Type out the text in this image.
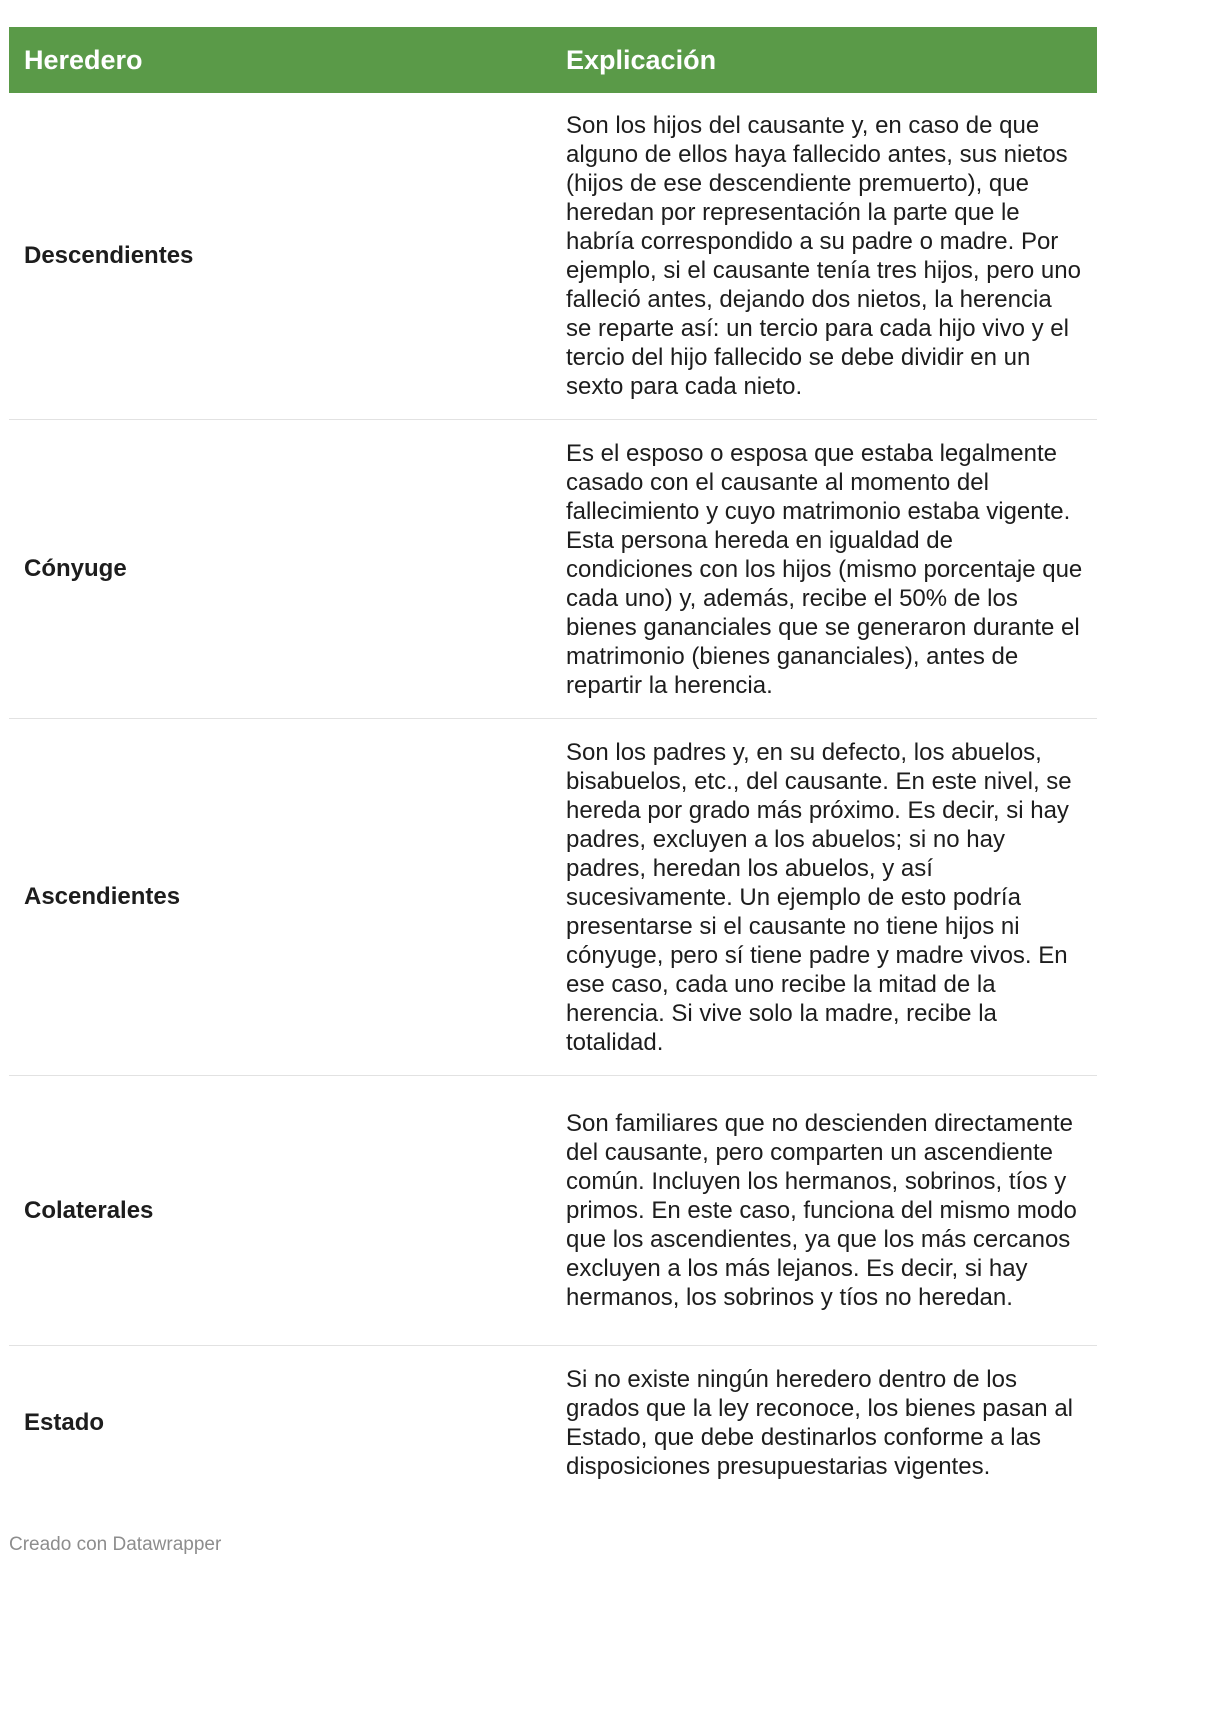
Heredero	Explicación
Descendientes
Son los hijos del causante y, en caso de que alguno de ellos haya fallecido antes, sus nietos (hijos de ese descendiente premuerto), que heredan por representación la parte que le habría correspondido a su padre o madre. Por ejemplo, si el causante tenía tres hijos, pero uno falleció antes, dejando dos nietos, la herencia se reparte así: un tercio para cada hijo vivo y el tercio del hijo fallecido se debe dividir en un sexto para cada nieto.
Cónyuge
Es el esposo o esposa que estaba legalmente casado con el causante al momento del fallecimiento y cuyo matrimonio estaba vigente. Esta persona hereda en igualdad de condiciones con los hijos (mismo porcentaje que cada uno) y, además, recibe el 50% de los bienes gananciales que se generaron durante el matrimonio (bienes gananciales), antes de repartir la herencia.
Ascendientes
Son los padres y, en su defecto, los abuelos, bisabuelos, etc., del causante. En este nivel, se hereda por grado más próximo. Es decir, si hay padres, excluyen a los abuelos; si no hay padres, heredan los abuelos, y así sucesivamente. Un ejemplo de esto podría presentarse si el causante no tiene hijos ni cónyuge, pero sí tiene padre y madre vivos. En ese caso, cada uno recibe la mitad de la herencia. Si vive solo la madre, recibe la totalidad.
Colaterales
Son familiares que no descienden directamente del causante, pero comparten un ascendiente común. Incluyen los hermanos, sobrinos, tíos y primos. En este caso, funciona del mismo modo que los ascendientes, ya que los más cercanos excluyen a los más lejanos. Es decir, si hay hermanos, los sobrinos y tíos no heredan.
Estado
Si no existe ningún heredero dentro de los grados que la ley reconoce, los bienes pasan al Estado, que debe destinarlos conforme a las disposiciones presupuestarias vigentes.
Creado con Datawrapper
